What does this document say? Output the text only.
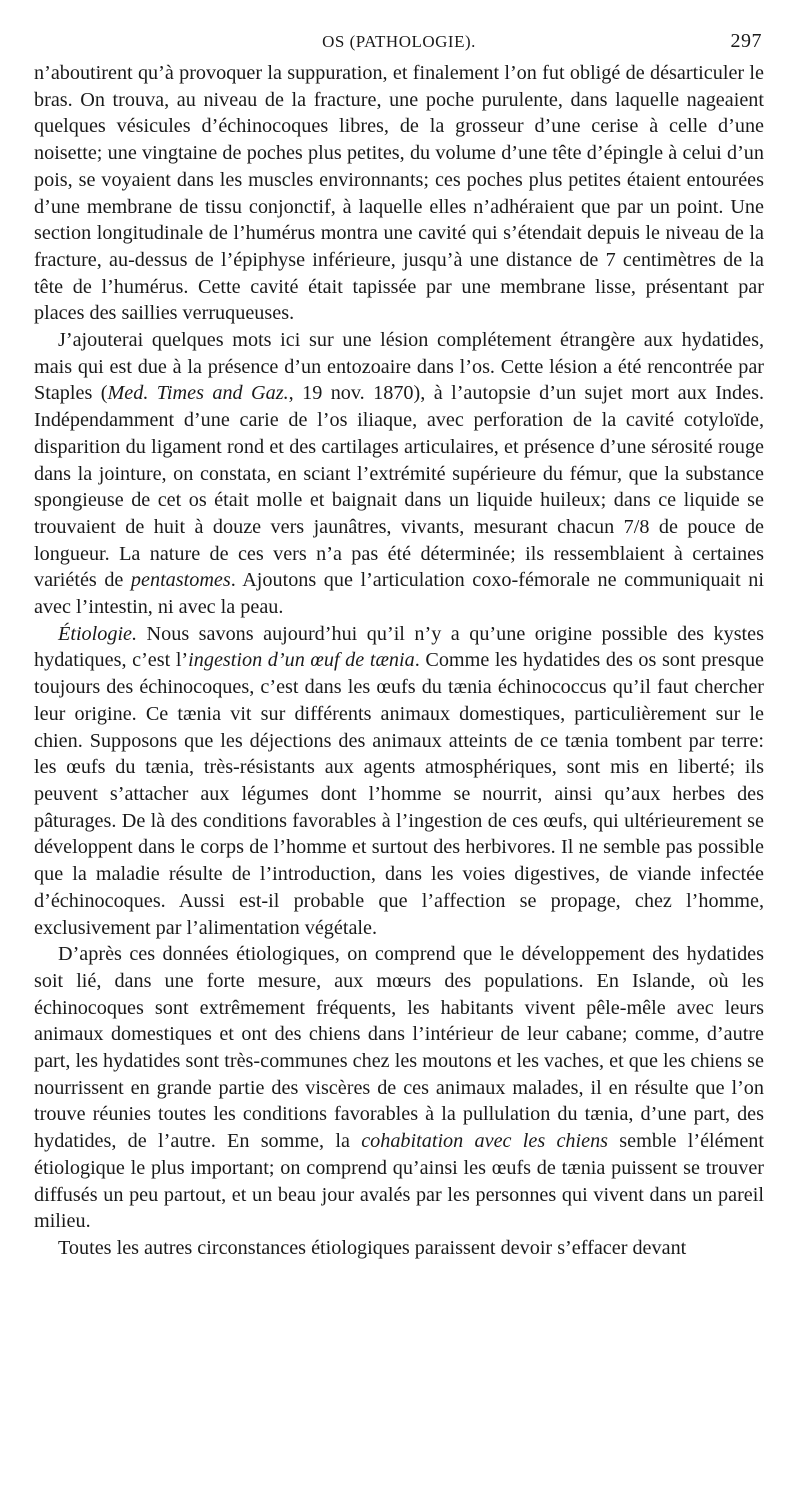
OS (PATHOLOGIE).	297

n’aboutirent qu’à provoquer la suppuration, et finalement l’on fut obligé de désarticuler le bras. On trouva, au niveau de la fracture, une poche purulente, dans laquelle nageaient quelques vésicules d’échinocoques libres, de la grosseur d’une cerise à celle d’une noisette; une vingtaine de poches plus petites, du volume d’une tête d’épingle à celui d’un pois, se voyaient dans les muscles environnants; ces poches plus petites étaient entourées d’une membrane de tissu conjonctif, à laquelle elles n’adhéraient que par un point. Une section longitudinale de l’humérus montra une cavité qui s’étendait depuis le niveau de la fracture, au-dessus de l’épiphyse inférieure, jusqu’à une distance de 7 centimètres de la tête de l’humérus. Cette cavité était tapissée par une membrane lisse, présentant par places des saillies verruqueuses.

J’ajouterai quelques mots ici sur une lésion complétement étrangère aux hydatides, mais qui est due à la présence d’un entozoaire dans l’os. Cette lésion a été rencontrée par Staples (Med. Times and Gaz., 19 nov. 1870), à l’autopsie d’un sujet mort aux Indes. Indépendamment d’une carie de l’os iliaque, avec perforation de la cavité cotyloïde, disparition du ligament rond et des cartilages articulaires, et présence d’une sérosité rouge dans la jointure, on constata, en sciant l’extrémité supérieure du fémur, que la substance spongieuse de cet os était molle et baignait dans un liquide huileux; dans ce liquide se trouvaient de huit à douze vers jaunâtres, vivants, mesurant chacun 7/8 de pouce de longueur. La nature de ces vers n’a pas été déterminée; ils ressemblaient à certaines variétés de pentastomes. Ajoutons que l’articulation coxo-fémorale ne communiquait ni avec l’intestin, ni avec la peau.

Étiologie. Nous savons aujourd’hui qu’il n’y a qu’une origine possible des kystes hydatiques, c’est l’ingestion d’un œuf de tænia. Comme les hydatides des os sont presque toujours des échinocoques, c’est dans les œufs du tænia échinococcus qu’il faut chercher leur origine. Ce tænia vit sur différents animaux domestiques, particulièrement sur le chien. Supposons que les déjections des animaux atteints de ce tænia tombent par terre: les œufs du tænia, très-résistants aux agents atmosphériques, sont mis en liberté; ils peuvent s’attacher aux légumes dont l’homme se nourrit, ainsi qu’aux herbes des pâturages. De là des conditions favorables à l’ingestion de ces œufs, qui ultérieurement se développent dans le corps de l’homme et surtout des herbivores. Il ne semble pas possible que la maladie résulte de l’introduction, dans les voies digestives, de viande infectée d’échinocoques. Aussi est-il probable que l’affection se propage, chez l’homme, exclusivement par l’alimentation végétale.

D’après ces données étiologiques, on comprend que le développement des hydatides soit lié, dans une forte mesure, aux mœurs des populations. En Islande, où les échinocoques sont extrêmement fréquents, les habitants vivent pêle-mêle avec leurs animaux domestiques et ont des chiens dans l’intérieur de leur cabane; comme, d’autre part, les hydatides sont très-communes chez les moutons et les vaches, et que les chiens se nourrissent en grande partie des viscères de ces animaux malades, il en résulte que l’on trouve réunies toutes les conditions favorables à la pullulation du tænia, d’une part, des hydatides, de l’autre. En somme, la cohabitation avec les chiens semble l’élément étiologique le plus important; on comprend qu’ainsi les œufs de tænia puissent se trouver diffusés un peu partout, et un beau jour avalés par les personnes qui vivent dans un pareil milieu.

Toutes les autres circonstances étiologiques paraissent devoir s’effacer devant
